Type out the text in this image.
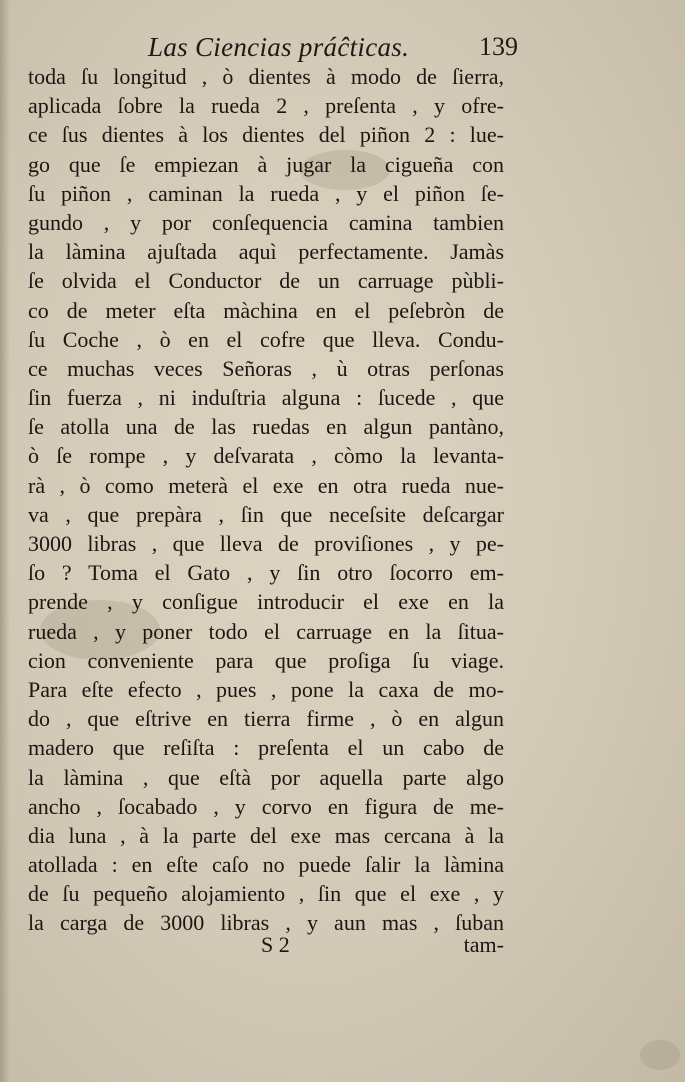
Las Ciencias práĉticas.	139
toda ſu longitud , ò dientes à modo de ſierra,
aplicada ſobre la rueda 2 , preſenta , y ofre-
ce ſus dientes à los dientes del piñon 2 : lue-
go que ſe empiezan à jugar la cigueña con
ſu piñon , caminan la rueda , y el piñon ſe-
gundo , y por conſequencia camina tambien
la làmina ajuſtada aquì perfectamente. Jamàs
ſe olvida el Conductor de un carruage pùbli-
co de meter eſta màchina en el peſebròn de
ſu Coche , ò en el cofre que lleva. Condu-
ce muchas veces Señoras , ù otras perſonas
ſin fuerza , ni induſtria alguna : ſucede , que
ſe atolla una de las ruedas en algun pantàno,
ò ſe rompe , y deſvarata , còmo la levanta-
rà , ò como meterà el exe en otra rueda nue-
va , que prepàra , ſin que neceſsite deſcargar
3000 libras , que lleva de proviſiones , y pe-
ſo ? Toma el Gato , y ſin otro ſocorro em-
prende , y conſigue introducir el exe en la
rueda , y poner todo el carruage en la ſitua-
cion conveniente para que proſiga ſu viage.
Para eſte efecto , pues , pone la caxa de mo-
do , que eſtrive en tierra firme , ò en algun
madero que reſiſta : preſenta el un cabo de
la làmina , que eſtà por aquella parte algo
ancho , ſocabado , y corvo en figura de me-
dia luna , à la parte del exe mas cercana à la
atollada : en eſte caſo no puede ſalir la làmina
de ſu pequeño alojamiento , ſin que el exe , y
la carga de 3000 libras , y aun mas , ſuban
S 2	tam-
